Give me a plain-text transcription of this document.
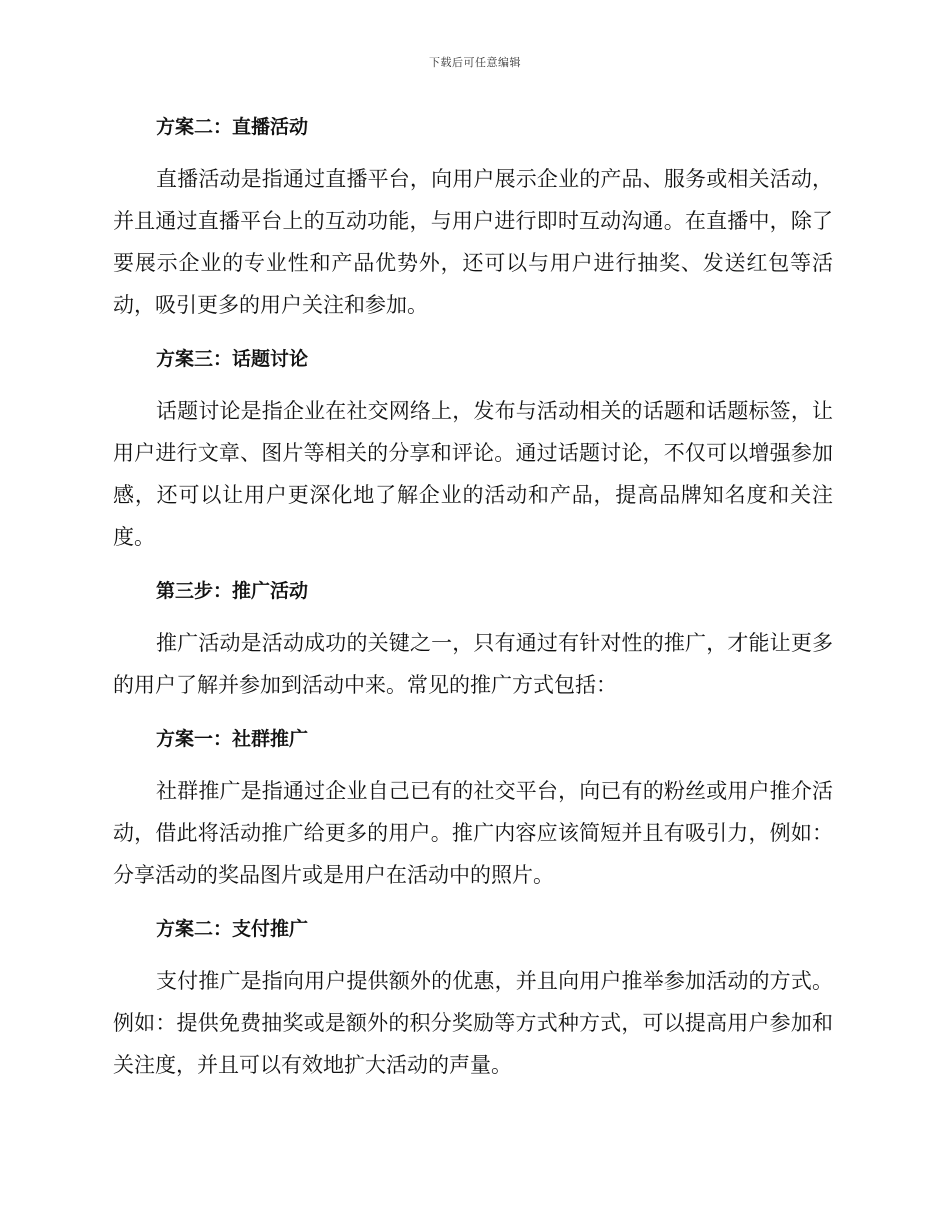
下载后可任意编辑
方案二：直播活动

直播活动是指通过直播平台，向用户展示企业的产品、服务或相关活动，并且通过直播平台上的互动功能，与用户进行即时互动沟通。在直播中，除了要展示企业的专业性和产品优势外，还可以与用户进行抽奖、发送红包等活动，吸引更多的用户关注和参加。

方案三：话题讨论

话题讨论是指企业在社交网络上，发布与活动相关的话题和话题标签，让用户进行文章、图片等相关的分享和评论。通过话题讨论，不仅可以增强参加感，还可以让用户更深化地了解企业的活动和产品，提高品牌知名度和关注度。

第三步：推广活动

推广活动是活动成功的关键之一，只有通过有针对性的推广，才能让更多的用户了解并参加到活动中来。常见的推广方式包括：

方案一：社群推广

社群推广是指通过企业自己已有的社交平台，向已有的粉丝或用户推介活动，借此将活动推广给更多的用户。推广内容应该简短并且有吸引力，例如：分享活动的奖品图片或是用户在活动中的照片。

方案二：支付推广

支付推广是指向用户提供额外的优惠，并且向用户推举参加活动的方式。例如：提供免费抽奖或是额外的积分奖励等方式种方式，可以提高用户参加和关注度，并且可以有效地扩大活动的声量。
